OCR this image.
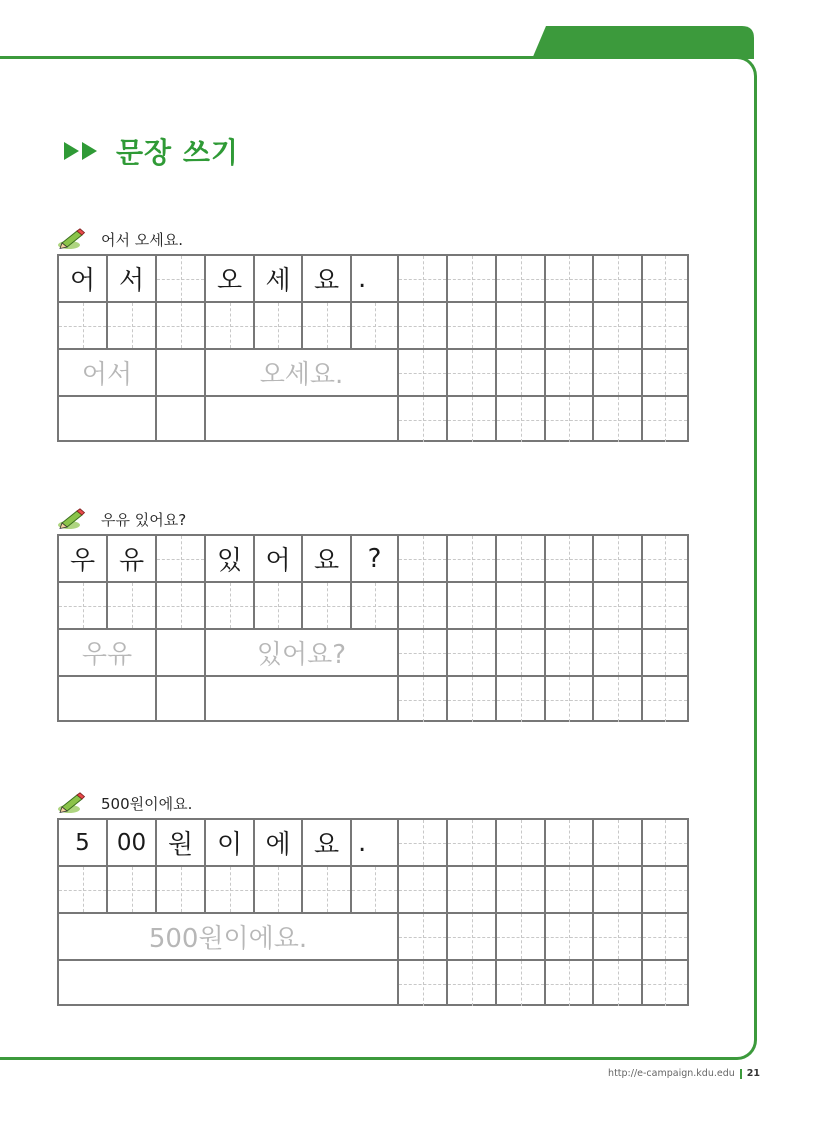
문장 쓰기
어서 오세요.
어 서	오 세 요 .
어서	오세요.
우유 있어요?
우 유	있 어 요	?
우유	있어요?
500원이에요.
5	00 원 이 에 요 .
500원이에요.
http://e-campaign.kdu.edu 21
